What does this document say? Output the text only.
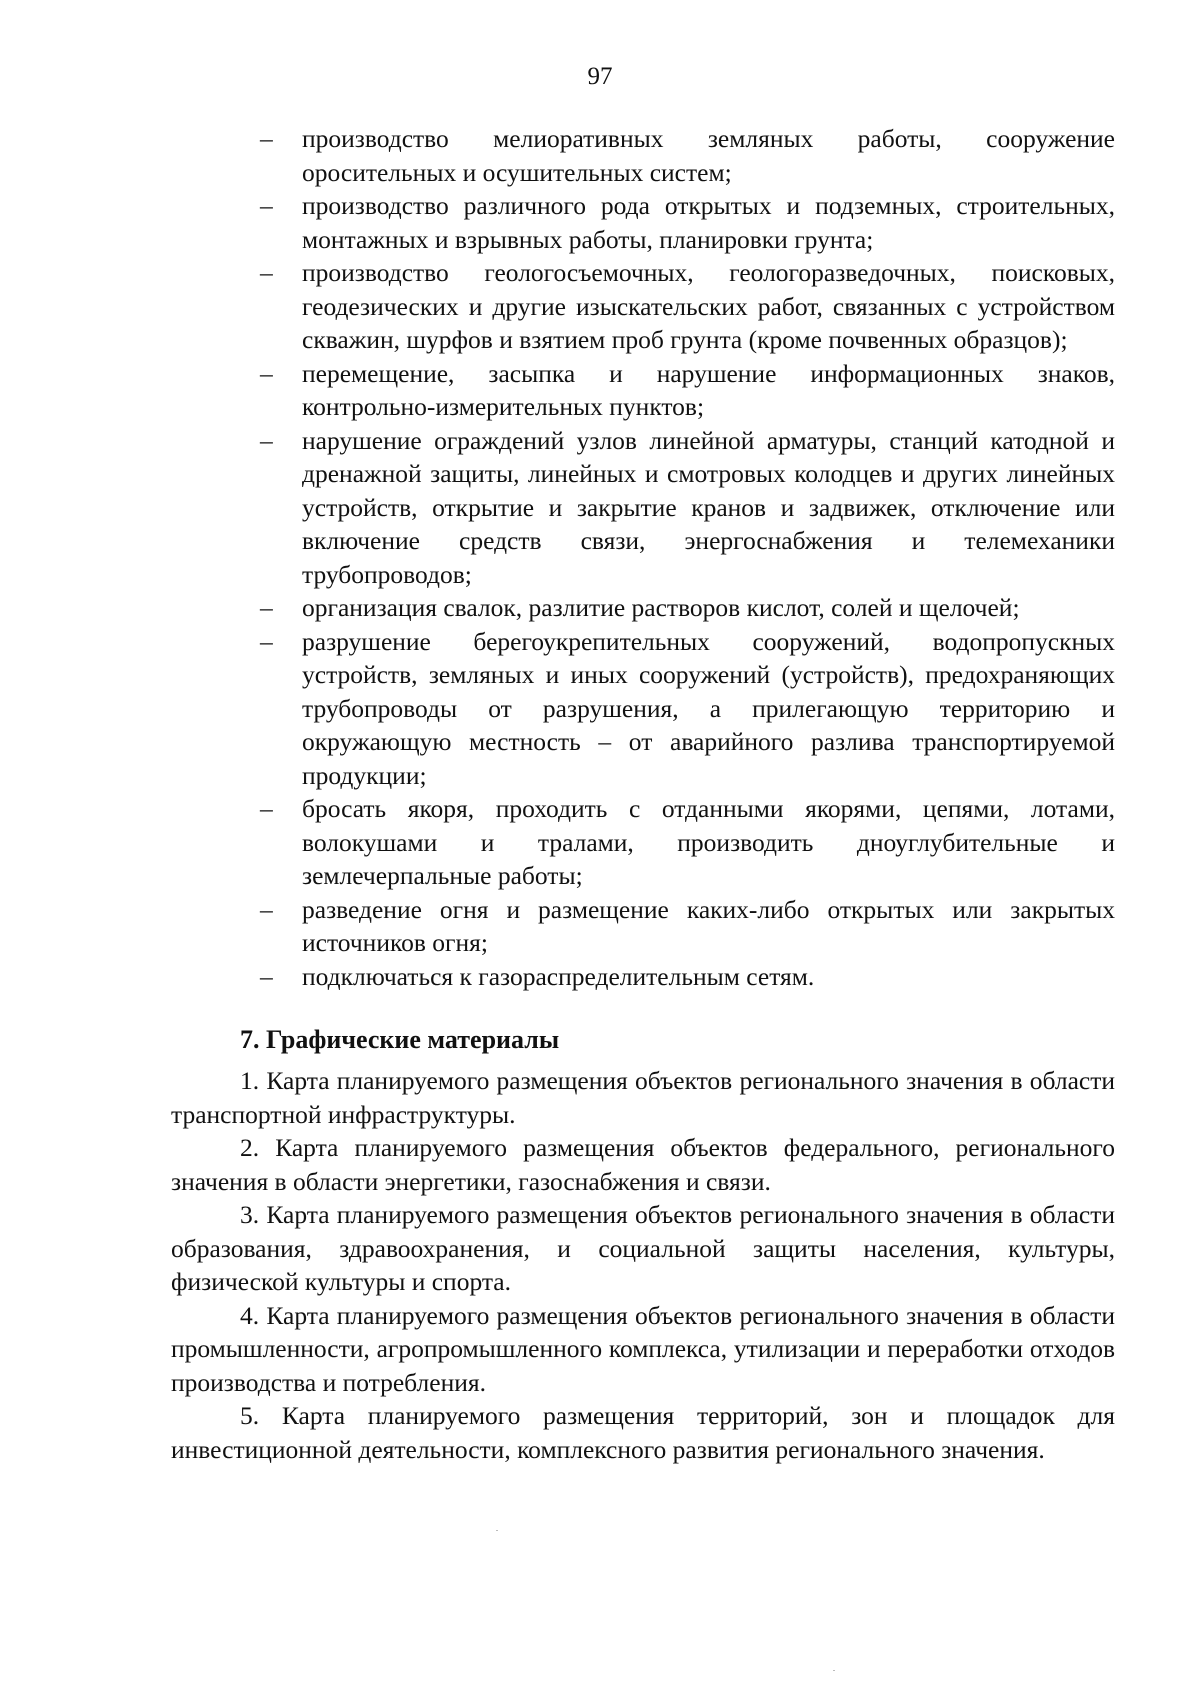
97
–	производство мелиоративных земляных работы, сооружение оросительных и осушительных систем;
–	производство различного рода открытых и подземных, строительных, монтажных и взрывных работы, планировки грунта;
–	производство геологосъемочных, геологоразведочных, поисковых, геодезических и другие изыскательских работ, связанных с устройством скважин, шурфов и взятием проб грунта (кроме почвенных образцов);
–	перемещение, засыпка и нарушение информационных знаков, контрольно-измерительных пунктов;
–	нарушение ограждений узлов линейной арматуры, станций катодной и дренажной защиты, линейных и смотровых колодцев и других линейных устройств, открытие и закрытие кранов и задвижек, отключение или включение средств связи, энергоснабжения и телемеханики трубопроводов;
–	организация свалок, разлитие растворов кислот, солей и щелочей;
–	разрушение берегоукрепительных сооружений, водопропускных устройств, земляных и иных сооружений (устройств), предохраняющих трубопроводы от разрушения, а прилегающую территорию и окружающую местность – от аварийного разлива транспортируемой продукции;
–	бросать якоря, проходить с отданными якорями, цепями, лотами, волокушами и тралами, производить дноуглубительные и землечерпальные работы;
–	разведение огня и размещение каких-либо открытых или закрытых источников огня;
–	подключаться к газораспределительным сетям.
7. Графические материалы

1. Карта планируемого размещения объектов регионального значения в области транспортной инфраструктуры.

2. Карта планируемого размещения объектов федерального, регионального значения в области энергетики, газоснабжения и связи.

3. Карта планируемого размещения объектов регионального значения в области образования, здравоохранения, и социальной защиты населения, культуры, физической культуры и спорта.

4. Карта планируемого размещения объектов регионального значения в области промышленности, агропромышленного комплекса, утилизации и переработки отходов производства и потребления.

5. Карта планируемого размещения территорий, зон и площадок для инвестиционной деятельности, комплексного развития регионального значения.
